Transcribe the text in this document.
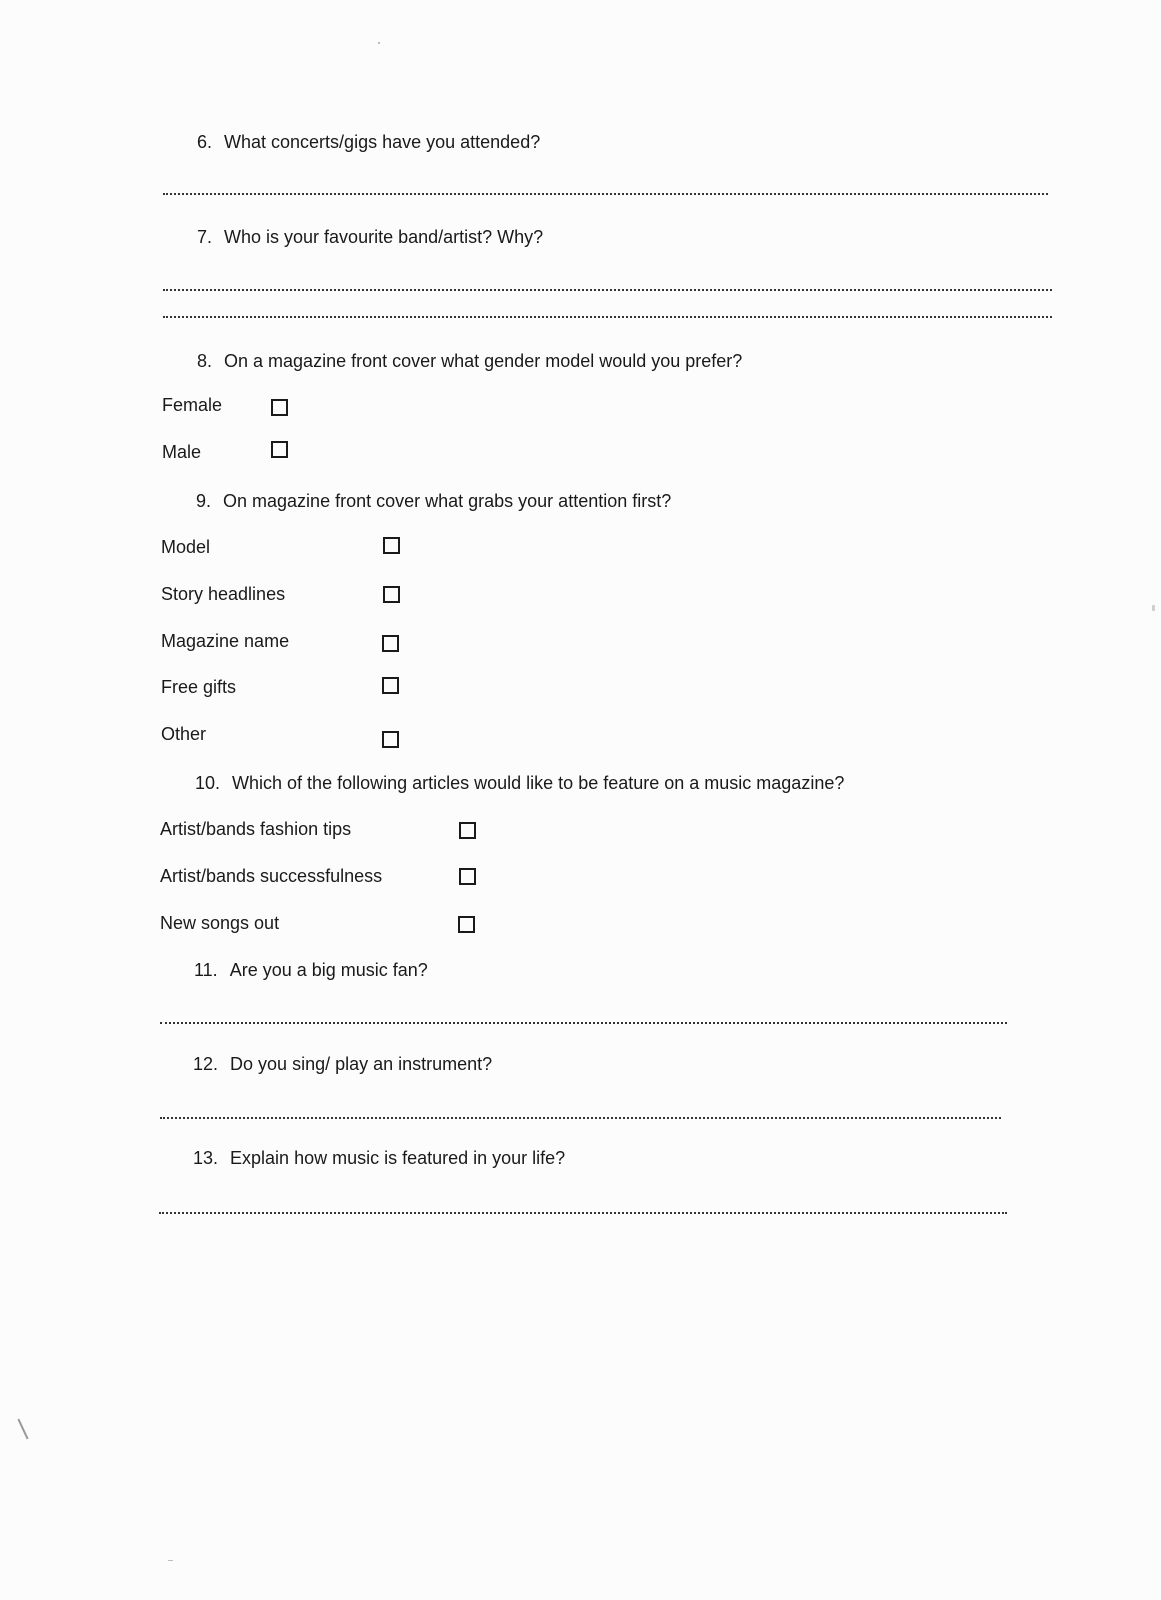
6. What concerts/gigs have you attended?
7. Who is your favourite band/artist? Why?
8. On a magazine front cover what gender model would you prefer?
Female
Male
9. On magazine front cover what grabs your attention first?
Model
Story headlines
Magazine name
Free gifts
Other
10. Which of the following articles would like to be feature on a music magazine?
Artist/bands fashion tips
Artist/bands successfulness
New songs out
11. Are you a big music fan?
12. Do you sing/ play an instrument?
13. Explain how music is featured in your life?
